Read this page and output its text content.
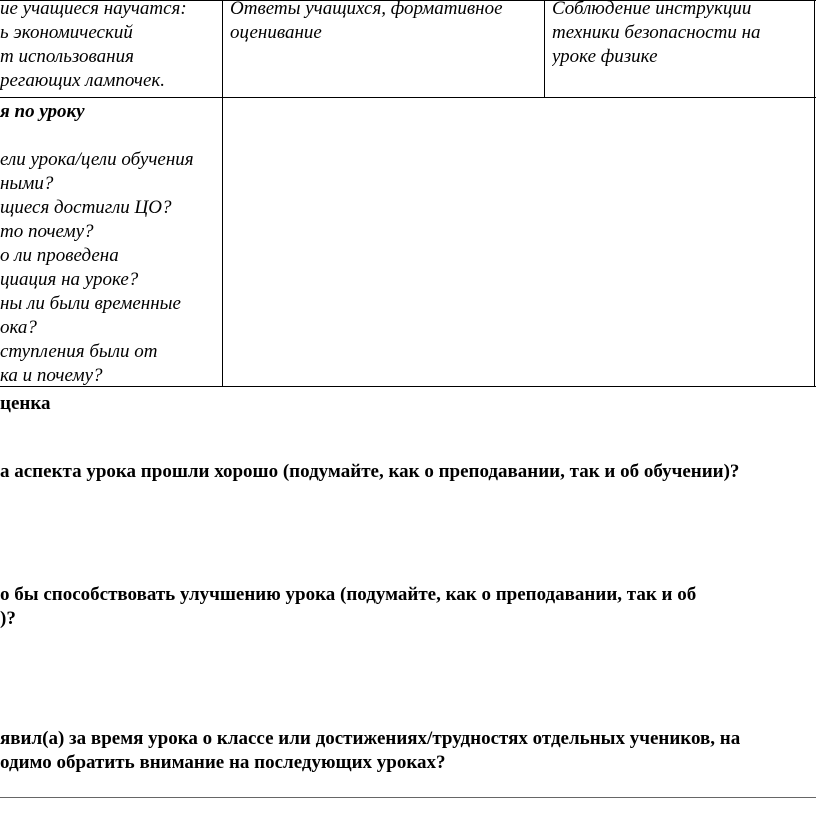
ие учащиеся научатся:
ь экономический
т использования
регающих лампочек.
Ответы учащихся, формативное
оценивание
Соблюдение инструкции
техники безопасности на
уроке физике
я по уроку
ели урока/цели обучения
ными?
щиеся достигли ЦО?
то почему?
о ли проведена
циация на уроке?
ны ли были временные
ока?
ступления были от
ка и почему?
ценка
а аспекта урока прошли хорошо (подумайте, как о преподавании, так и об обучении)?
о бы способствовать улучшению урока (подумайте, как о преподавании, так и об
)?
явил(а) за время урока о классе или достижениях/трудностях отдельных учеников, на
одимо обратить внимание на последующих уроках?
